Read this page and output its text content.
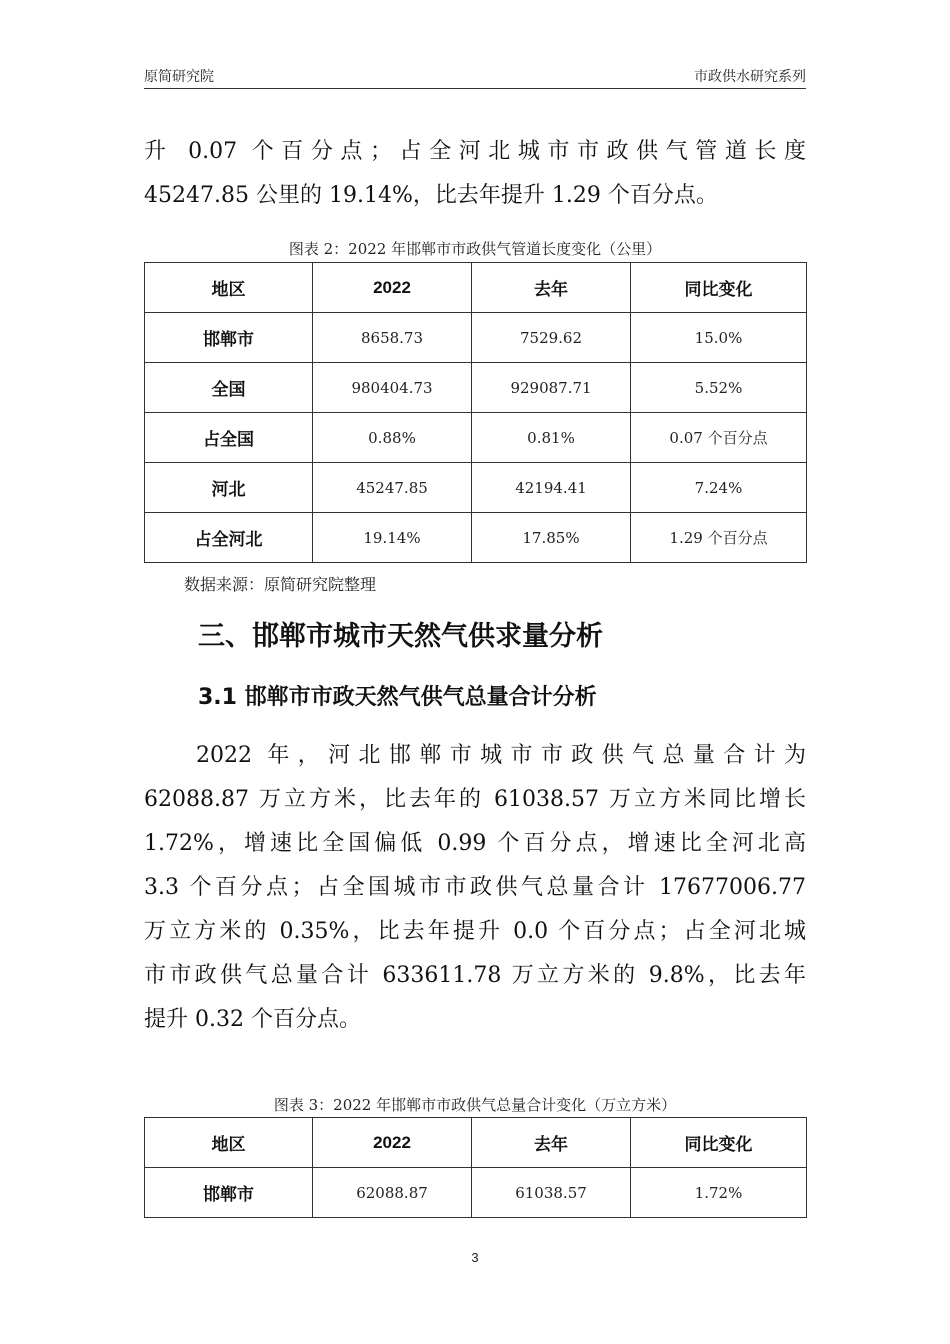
原简研究院	市政供水研究系列
升 0.07 个百分点；占全河北城市市政供气管道长度
45247.85 公里的 19.14%，比去年提升 1.29 个百分点。
图表 2：2022 年邯郸市市政供气管道长度变化（公里）
地区	2022	去年	同比变化
邯郸市	8658.73	7529.62	15.0%
全国	980404.73	929087.71	5.52%
占全国	0.88%	0.81%	0.07 个百分点
河北	45247.85	42194.41	7.24%
占全河北	19.14%	17.85%	1.29 个百分点
数据来源：原简研究院整理
三、邯郸市城市天然气供求量分析
3.1 邯郸市市政天然气供气总量合计分析
2022 年，河北邯郸市城市市政供气总量合计为
62088.87 万立方米，比去年的 61038.57 万立方米同比增长
1.72%，增速比全国偏低 0.99 个百分点，增速比全河北高
3.3 个百分点；占全国城市市政供气总量合计 17677006.77
万立方米的 0.35%，比去年提升 0.0 个百分点；占全河北城
市市政供气总量合计 633611.78 万立方米的 9.8%，比去年
提升 0.32 个百分点。
图表 3：2022 年邯郸市市政供气总量合计变化（万立方米）
地区	2022	去年	同比变化
邯郸市	62088.87	61038.57	1.72%
3
